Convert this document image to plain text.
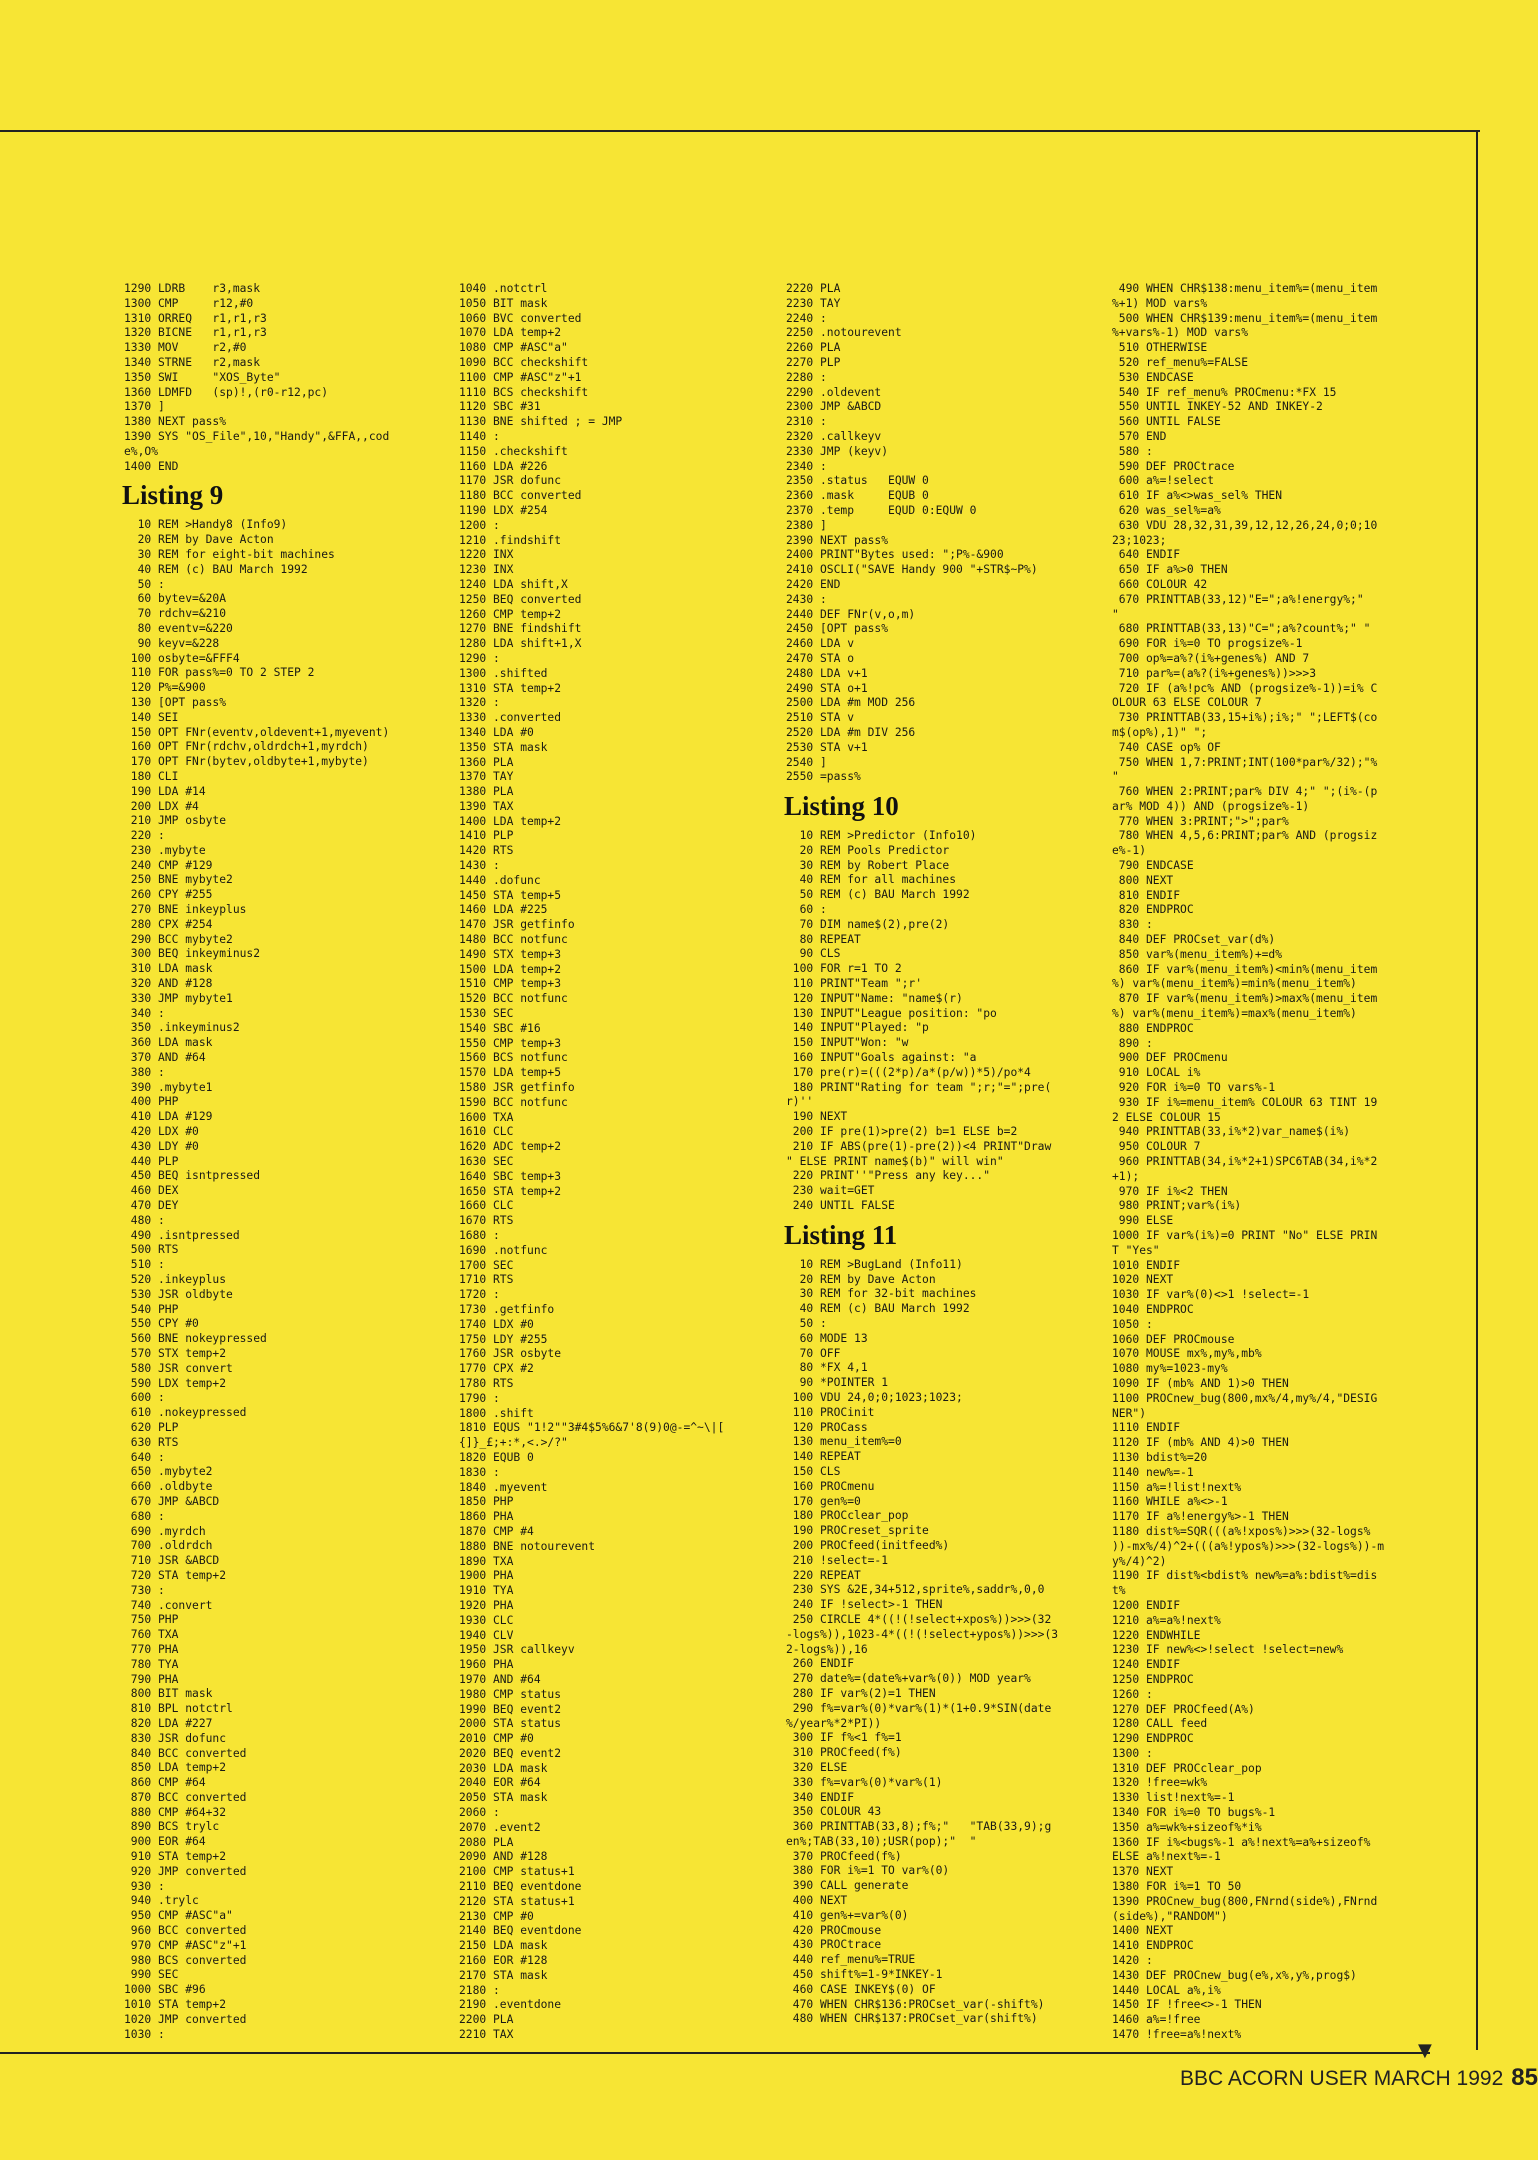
▼
1290 LDRB    r3,mask
1300 CMP     r12,#0
1310 ORREQ   r1,r1,r3
1320 BICNE   r1,r1,r3
1330 MOV     r2,#0
1340 STRNE   r2,mask
1350 SWI     "XOS_Byte"
1360 LDMFD   (sp)!,(r0-r12,pc)
1370 ]
1380 NEXT pass%
1390 SYS "OS_File",10,"Handy",&FFA,,cod
e%,O%
1400 END
Listing 9
10 REM >Handy8 (Info9)
20 REM by Dave Acton
30 REM for eight-bit machines
40 REM (c) BAU March 1992
50 :
60 bytev=&20A
70 rdchv=&210
80 eventv=&220
90 keyv=&228
100 osbyte=&FFF4
110 FOR pass%=0 TO 2 STEP 2
120 P%=&900
130 [OPT pass%
140 SEI
150 OPT FNr(eventv,oldevent+1,myevent)
160 OPT FNr(rdchv,oldrdch+1,myrdch)
170 OPT FNr(bytev,oldbyte+1,mybyte)
180 CLI
190 LDA #14
200 LDX #4
210 JMP osbyte
220 :
230 .mybyte
240 CMP #129
250 BNE mybyte2
260 CPY #255
270 BNE inkeyplus
280 CPX #254
290 BCC mybyte2
300 BEQ inkeyminus2
310 LDA mask
320 AND #128
330 JMP mybyte1
340 :
350 .inkeyminus2
360 LDA mask
370 AND #64
380 :
390 .mybyte1
400 PHP
410 LDA #129
420 LDX #0
430 LDY #0
440 PLP
450 BEQ isntpressed
460 DEX
470 DEY
480 :
490 .isntpressed
500 RTS
510 :
520 .inkeyplus
530 JSR oldbyte
540 PHP
550 CPY #0
560 BNE nokeypressed
570 STX temp+2
580 JSR convert
590 LDX temp+2
600 :
610 .nokeypressed
620 PLP
630 RTS
640 :
650 .mybyte2
660 .oldbyte
670 JMP &ABCD
680 :
690 .myrdch
700 .oldrdch
710 JSR &ABCD
720 STA temp+2
730 :
740 .convert
750 PHP
760 TXA
770 PHA
780 TYA
790 PHA
800 BIT mask
810 BPL notctrl
820 LDA #227
830 JSR dofunc
840 BCC converted
850 LDA temp+2
860 CMP #64
870 BCC converted
880 CMP #64+32
890 BCS trylc
900 EOR #64
910 STA temp+2
920 JMP converted
930 :
940 .trylc
950 CMP #ASC"a"
960 BCC converted
970 CMP #ASC"z"+1
980 BCS converted
990 SEC
1000 SBC #96
1010 STA temp+2
1020 JMP converted
1030 :
1040 .notctrl
1050 BIT mask
1060 BVC converted
1070 LDA temp+2
1080 CMP #ASC"a"
1090 BCC checkshift
1100 CMP #ASC"z"+1
1110 BCS checkshift
1120 SBC #31
1130 BNE shifted ; = JMP
1140 :
1150 .checkshift
1160 LDA #226
1170 JSR dofunc
1180 BCC converted
1190 LDX #254
1200 :
1210 .findshift
1220 INX
1230 INX
1240 LDA shift,X
1250 BEQ converted
1260 CMP temp+2
1270 BNE findshift
1280 LDA shift+1,X
1290 :
1300 .shifted
1310 STA temp+2
1320 :
1330 .converted
1340 LDA #0
1350 STA mask
1360 PLA
1370 TAY
1380 PLA
1390 TAX
1400 LDA temp+2
1410 PLP
1420 RTS
1430 :
1440 .dofunc
1450 STA temp+5
1460 LDA #225
1470 JSR getfinfo
1480 BCC notfunc
1490 STX temp+3
1500 LDA temp+2
1510 CMP temp+3
1520 BCC notfunc
1530 SEC
1540 SBC #16
1550 CMP temp+3
1560 BCS notfunc
1570 LDA temp+5
1580 JSR getfinfo
1590 BCC notfunc
1600 TXA
1610 CLC
1620 ADC temp+2
1630 SEC
1640 SBC temp+3
1650 STA temp+2
1660 CLC
1670 RTS
1680 :
1690 .notfunc
1700 SEC
1710 RTS
1720 :
1730 .getfinfo
1740 LDX #0
1750 LDY #255
1760 JSR osbyte
1770 CPX #2
1780 RTS
1790 :
1800 .shift
1810 EQUS "1!2""3#4$5%6&7'8(9)0@-=^~\|[
{]}_£;+:*,<.>/?"
1820 EQUB 0
1830 :
1840 .myevent
1850 PHP
1860 PHA
1870 CMP #4
1880 BNE notourevent
1890 TXA
1900 PHA
1910 TYA
1920 PHA
1930 CLC
1940 CLV
1950 JSR callkeyv
1960 PHA
1970 AND #64
1980 CMP status
1990 BEQ event2
2000 STA status
2010 CMP #0
2020 BEQ event2
2030 LDA mask
2040 EOR #64
2050 STA mask
2060 :
2070 .event2
2080 PLA
2090 AND #128
2100 CMP status+1
2110 BEQ eventdone
2120 STA status+1
2130 CMP #0
2140 BEQ eventdone
2150 LDA mask
2160 EOR #128
2170 STA mask
2180 :
2190 .eventdone
2200 PLA
2210 TAX
2220 PLA
2230 TAY
2240 :
2250 .notourevent
2260 PLA
2270 PLP
2280 :
2290 .oldevent
2300 JMP &ABCD
2310 :
2320 .callkeyv
2330 JMP (keyv)
2340 :
2350 .status   EQUW 0
2360 .mask     EQUB 0
2370 .temp     EQUD 0:EQUW 0
2380 ]
2390 NEXT pass%
2400 PRINT"Bytes used: ";P%-&900
2410 OSCLI("SAVE Handy 900 "+STR$~P%)
2420 END
2430 :
2440 DEF FNr(v,o,m)
2450 [OPT pass%
2460 LDA v
2470 STA o
2480 LDA v+1
2490 STA o+1
2500 LDA #m MOD 256
2510 STA v
2520 LDA #m DIV 256
2530 STA v+1
2540 ]
2550 =pass%
Listing 10
10 REM >Predictor (Info10)
20 REM Pools Predictor
30 REM by Robert Place
40 REM for all machines
50 REM (c) BAU March 1992
60 :
70 DIM name$(2),pre(2)
80 REPEAT
90 CLS
100 FOR r=1 TO 2
110 PRINT"Team ";r'
120 INPUT"Name: "name$(r)
130 INPUT"League position: "po
140 INPUT"Played: "p
150 INPUT"Won: "w
160 INPUT"Goals against: "a
170 pre(r)=(((2*p)/a*(p/w))*5)/po*4
180 PRINT"Rating for team ";r;"=";pre(
r)''
190 NEXT
200 IF pre(1)>pre(2) b=1 ELSE b=2
210 IF ABS(pre(1)-pre(2))<4 PRINT"Draw
" ELSE PRINT name$(b)" will win"
220 PRINT''"Press any key..."
230 wait=GET
240 UNTIL FALSE
Listing 11
10 REM >BugLand (Info11)
20 REM by Dave Acton
30 REM for 32-bit machines
40 REM (c) BAU March 1992
50 :
60 MODE 13
70 OFF
80 *FX 4,1
90 *POINTER 1
100 VDU 24,0;0;1023;1023;
110 PROCinit
120 PROCass
130 menu_item%=0
140 REPEAT
150 CLS
160 PROCmenu
170 gen%=0
180 PROCclear_pop
190 PROCreset_sprite
200 PROCfeed(initfeed%)
210 !select=-1
220 REPEAT
230 SYS &2E,34+512,sprite%,saddr%,0,0
240 IF !select>-1 THEN
250 CIRCLE 4*((!(!select+xpos%))>>>(32
-logs%)),1023-4*((!(!select+ypos%))>>>(3
2-logs%)),16
260 ENDIF
270 date%=(date%+var%(0)) MOD year%
280 IF var%(2)=1 THEN
290 f%=var%(0)*var%(1)*(1+0.9*SIN(date
%/year%*2*PI))
300 IF f%<1 f%=1
310 PROCfeed(f%)
320 ELSE
330 f%=var%(0)*var%(1)
340 ENDIF
350 COLOUR 43
360 PRINTTAB(33,8);f%;"   "TAB(33,9);g
en%;TAB(33,10);USR(pop);"  "
370 PROCfeed(f%)
380 FOR i%=1 TO var%(0)
390 CALL generate
400 NEXT
410 gen%+=var%(0)
420 PROCmouse
430 PROCtrace
440 ref_menu%=TRUE
450 shift%=1-9*INKEY-1
460 CASE INKEY$(0) OF
470 WHEN CHR$136:PROCset_var(-shift%)
480 WHEN CHR$137:PROCset_var(shift%)
490 WHEN CHR$138:menu_item%=(menu_item
%+1) MOD vars%
500 WHEN CHR$139:menu_item%=(menu_item
%+vars%-1) MOD vars%
510 OTHERWISE
520 ref_menu%=FALSE
530 ENDCASE
540 IF ref_menu% PROCmenu:*FX 15
550 UNTIL INKEY-52 AND INKEY-2
560 UNTIL FALSE
570 END
580 :
590 DEF PROCtrace
600 a%=!select
610 IF a%<>was_sel% THEN
620 was_sel%=a%
630 VDU 28,32,31,39,12,12,26,24,0;0;10
23;1023;
640 ENDIF
650 IF a%>0 THEN
660 COLOUR 42
670 PRINTTAB(33,12)"E=";a%!energy%;"
"
680 PRINTTAB(33,13)"C=";a%?count%;" "
690 FOR i%=0 TO progsize%-1
700 op%=a%?(i%+genes%) AND 7
710 par%=(a%?(i%+genes%))>>>3
720 IF (a%!pc% AND (progsize%-1))=i% C
OLOUR 63 ELSE COLOUR 7
730 PRINTTAB(33,15+i%);i%;" ";LEFT$(co
m$(op%),1)" ";
740 CASE op% OF
750 WHEN 1,7:PRINT;INT(100*par%/32);"%
"
760 WHEN 2:PRINT;par% DIV 4;" ";(i%-(p
ar% MOD 4)) AND (progsize%-1)
770 WHEN 3:PRINT;">";par%
780 WHEN 4,5,6:PRINT;par% AND (progsiz
e%-1)
790 ENDCASE
800 NEXT
810 ENDIF
820 ENDPROC
830 :
840 DEF PROCset_var(d%)
850 var%(menu_item%)+=d%
860 IF var%(menu_item%)<min%(menu_item
%) var%(menu_item%)=min%(menu_item%)
870 IF var%(menu_item%)>max%(menu_item
%) var%(menu_item%)=max%(menu_item%)
880 ENDPROC
890 :
900 DEF PROCmenu
910 LOCAL i%
920 FOR i%=0 TO vars%-1
930 IF i%=menu_item% COLOUR 63 TINT 19
2 ELSE COLOUR 15
940 PRINTTAB(33,i%*2)var_name$(i%)
950 COLOUR 7
960 PRINTTAB(34,i%*2+1)SPC6TAB(34,i%*2
+1);
970 IF i%<2 THEN
980 PRINT;var%(i%)
990 ELSE
1000 IF var%(i%)=0 PRINT "No" ELSE PRIN
T "Yes"
1010 ENDIF
1020 NEXT
1030 IF var%(0)<>1 !select=-1
1040 ENDPROC
1050 :
1060 DEF PROCmouse
1070 MOUSE mx%,my%,mb%
1080 my%=1023-my%
1090 IF (mb% AND 1)>0 THEN
1100 PROCnew_bug(800,mx%/4,my%/4,"DESIG
NER")
1110 ENDIF
1120 IF (mb% AND 4)>0 THEN
1130 bdist%=20
1140 new%=-1
1150 a%=!list!next%
1160 WHILE a%<>-1
1170 IF a%!energy%>-1 THEN
1180 dist%=SQR(((a%!xpos%)>>>(32-logs%
))-mx%/4)^2+(((a%!ypos%)>>>(32-logs%))-m
y%/4)^2)
1190 IF dist%<bdist% new%=a%:bdist%=dis
t%
1200 ENDIF
1210 a%=a%!next%
1220 ENDWHILE
1230 IF new%<>!select !select=new%
1240 ENDIF
1250 ENDPROC
1260 :
1270 DEF PROCfeed(A%)
1280 CALL feed
1290 ENDPROC
1300 :
1310 DEF PROCclear_pop
1320 !free=wk%
1330 list!next%=-1
1340 FOR i%=0 TO bugs%-1
1350 a%=wk%+sizeof%*i%
1360 IF i%<bugs%-1 a%!next%=a%+sizeof%
ELSE a%!next%=-1
1370 NEXT
1380 FOR i%=1 TO 50
1390 PROCnew_bug(800,FNrnd(side%),FNrnd
(side%),"RANDOM")
1400 NEXT
1410 ENDPROC
1420 :
1430 DEF PROCnew_bug(e%,x%,y%,prog$)
1440 LOCAL a%,i%
1450 IF !free<>-1 THEN
1460 a%=!free
1470 !free=a%!next%
BBC ACORN USER MARCH 1992 85
